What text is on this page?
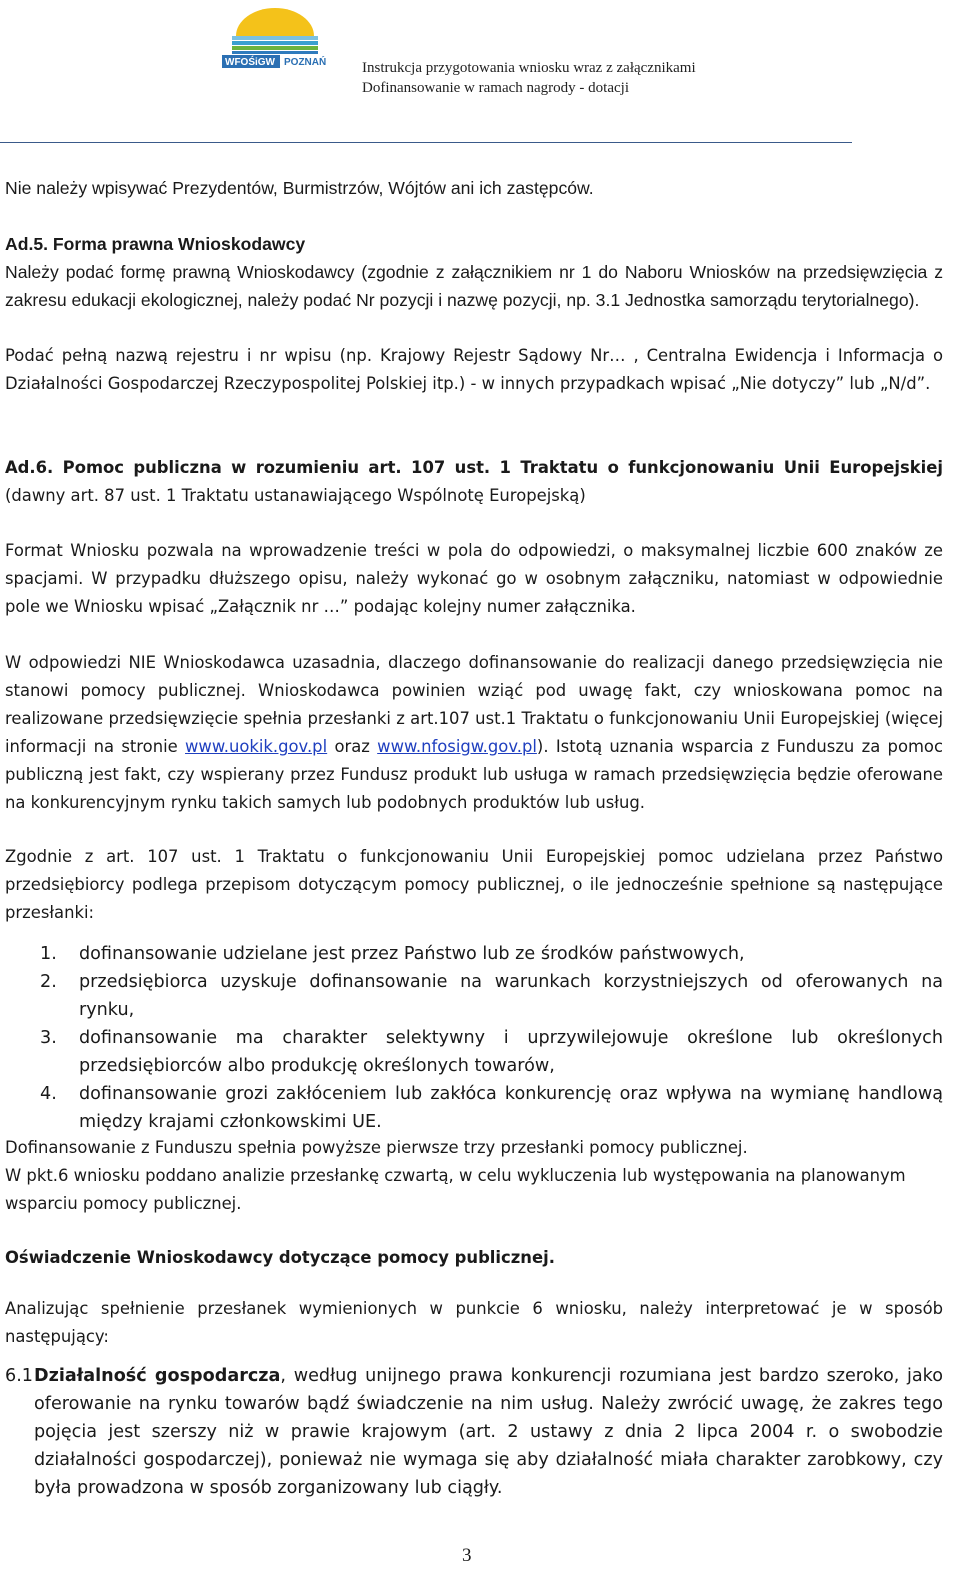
WFOŚiGW POZNAŃ Instrukcja przygotowania wniosku wraz z załącznikami
Dofinansowanie w ramach nagrody - dotacji

Nie należy wpisywać Prezydentów, Burmistrzów, Wójtów ani ich zastępców.

Ad.5. Forma prawna Wnioskodawcy

Należy podać formę prawną Wnioskodawcy (zgodnie z załącznikiem nr 1 do Naboru Wniosków na przedsięwzięcia z zakresu edukacji ekologicznej, należy podać Nr pozycji i nazwę pozycji, np. 3.1 Jednostka samorządu terytorialnego).

Podać pełną nazwą rejestru i nr wpisu (np. Krajowy Rejestr Sądowy Nr… , Centralna Ewidencja i Informacja o Działalności Gospodarczej Rzeczypospolitej Polskiej itp.) - w innych przypadkach wpisać „Nie dotyczy” lub „N/d”.

Ad.6. Pomoc publiczna w rozumieniu art. 107 ust. 1 Traktatu o funkcjonowaniu Unii Europejskiej (dawny art. 87 ust. 1 Traktatu ustanawiającego Wspólnotę Europejską)

Format Wniosku pozwala na wprowadzenie treści w pola do odpowiedzi, o maksymalnej liczbie 600 znaków ze spacjami. W przypadku dłuższego opisu, należy wykonać go w osobnym załączniku, natomiast w odpowiednie pole we Wniosku wpisać „Załącznik nr …” podając kolejny numer załącznika.

W odpowiedzi NIE Wnioskodawca uzasadnia, dlaczego dofinansowanie do realizacji danego przedsięwzięcia nie stanowi pomocy publicznej. Wnioskodawca powinien wziąć pod uwagę fakt, czy wnioskowana pomoc na realizowane przedsięwzięcie spełnia przesłanki z art.107 ust.1 Traktatu o funkcjonowaniu Unii Europejskiej (więcej informacji na stronie www.uokik.gov.pl oraz www.nfosigw.gov.pl). Istotą uznania wsparcia z Funduszu za pomoc publiczną jest fakt, czy wspierany przez Fundusz produkt lub usługa w ramach przedsięwzięcia będzie oferowane na konkurencyjnym rynku takich samych lub podobnych produktów lub usług.

Zgodnie z art. 107 ust. 1 Traktatu o funkcjonowaniu Unii Europejskiej pomoc udzielana przez Państwo przedsiębiorcy podlega przepisom dotyczącym pomocy publicznej, o ile jednocześnie spełnione są następujące przesłanki:

1. dofinansowanie udzielane jest przez Państwo lub ze środków państwowych,
2. przedsiębiorca uzyskuje dofinansowanie na warunkach korzystniejszych od oferowanych na rynku,
3. dofinansowanie ma charakter selektywny i uprzywilejowuje określone lub określonych przedsiębiorców albo produkcję określonych towarów,
4. dofinansowanie grozi zakłóceniem lub zakłóca konkurencję oraz wpływa na wymianę handlową między krajami członkowskimi UE.

Dofinansowanie z Funduszu spełnia powyższe pierwsze trzy przesłanki pomocy publicznej.

W pkt.6 wniosku poddano analizie przesłankę czwartą, w celu wykluczenia lub występowania na planowanym wsparciu pomocy publicznej.

Oświadczenie Wnioskodawcy dotyczące pomocy publicznej.

Analizując spełnienie przesłanek wymienionych w punkcie 6 wniosku, należy interpretować je w sposób następujący:

6.1 Działalność gospodarcza, według unijnego prawa konkurencji rozumiana jest bardzo szeroko, jako oferowanie na rynku towarów bądź świadczenie na nim usług. Należy zwrócić uwagę, że zakres tego pojęcia jest szerszy niż w prawie krajowym (art. 2 ustawy z dnia 2 lipca 2004 r. o swobodzie działalności gospodarczej), ponieważ nie wymaga się aby działalność miała charakter zarobkowy, czy była prowadzona w sposób zorganizowany lub ciągły.
3
